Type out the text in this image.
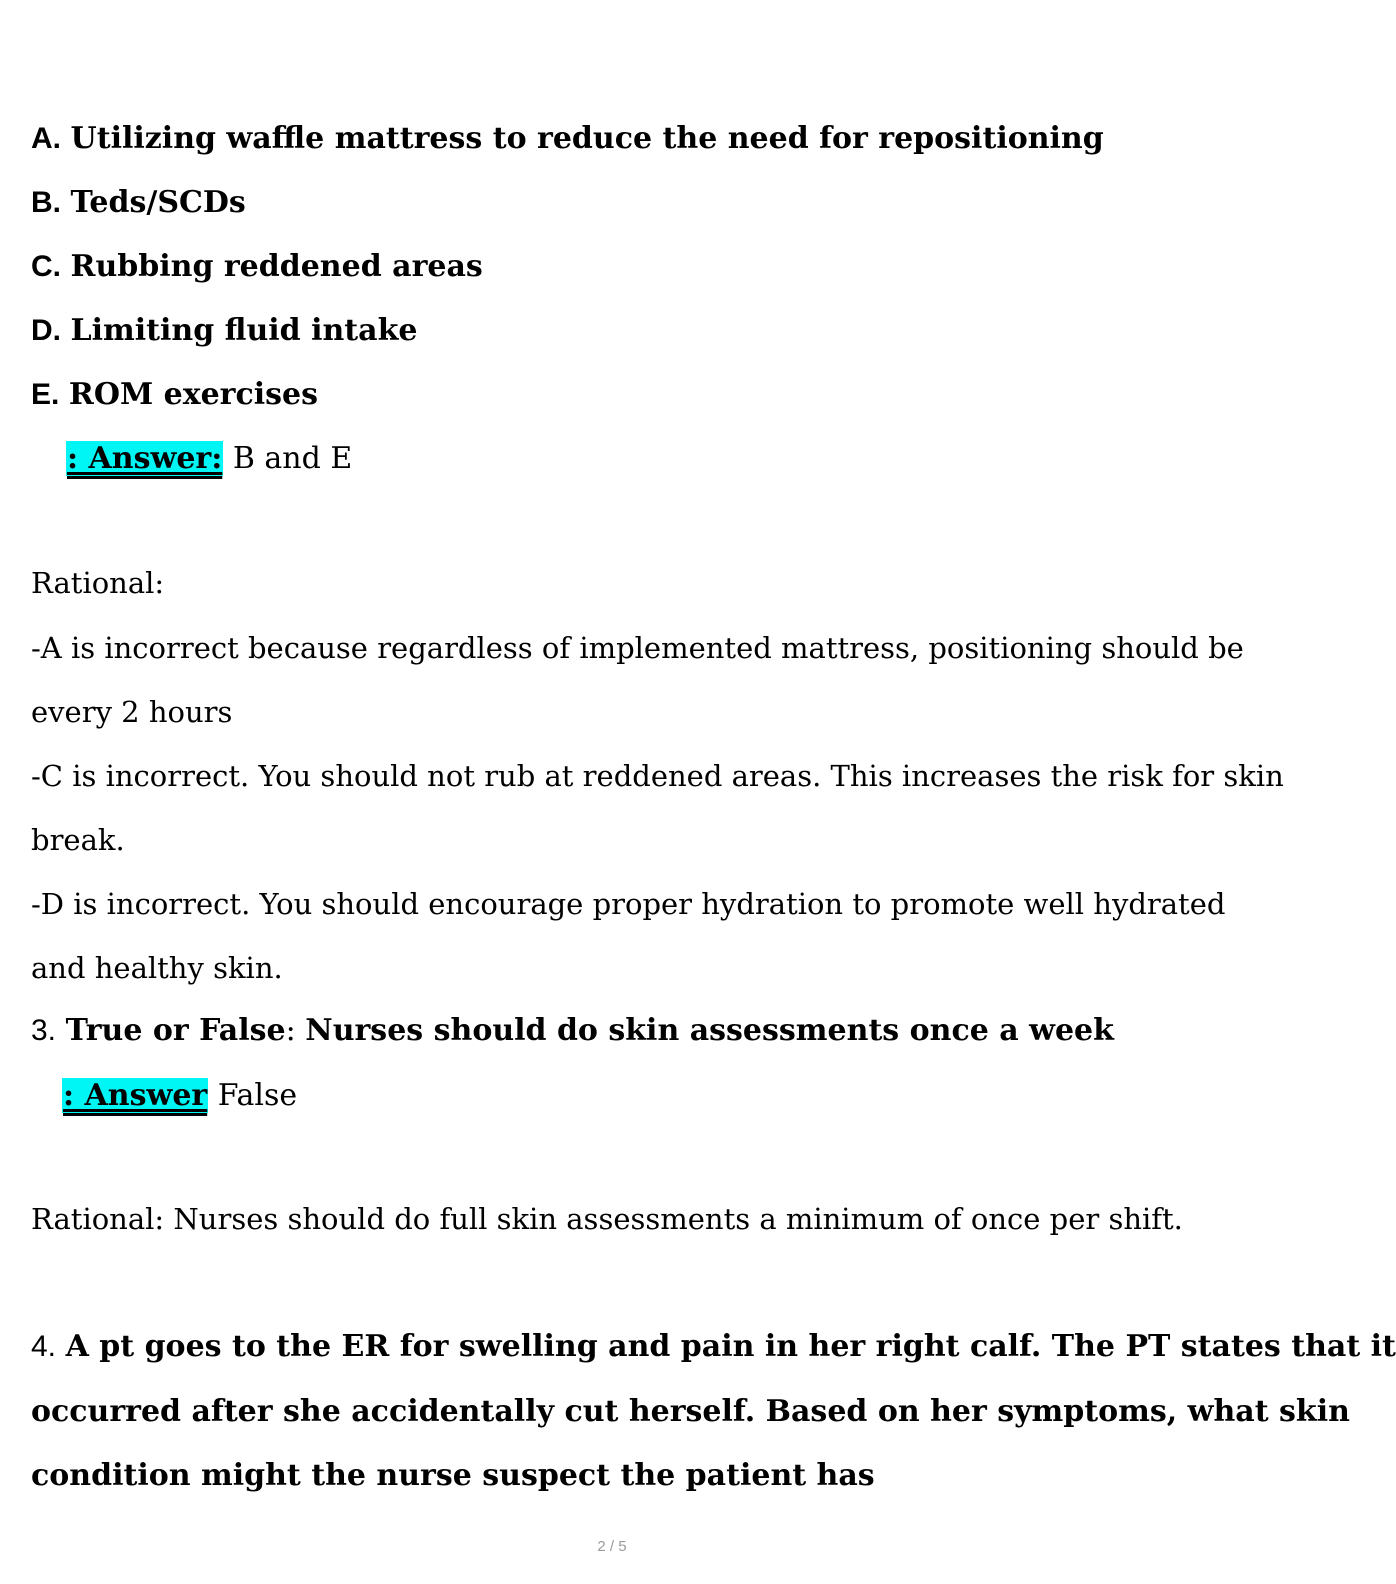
A. Utilizing waffle mattress to reduce the need for repositioning
B. Teds/SCDs
C. Rubbing reddened areas
D. Limiting fluid intake
E. ROM exercises
: Answer: B and E
Rational:
-A is incorrect because regardless of implemented mattress, positioning should be
every 2 hours
-C is incorrect. You should not rub at reddened areas. This increases the risk for skin
break.
-D is incorrect. You should encourage proper hydration to promote well hydrated
and healthy skin.
3. True or False: Nurses should do skin assessments once a week
: Answer False
Rational: Nurses should do full skin assessments a minimum of once per shift.
4. A pt goes to the ER for swelling and pain in her right calf. The PT states that it
occurred after she accidentally cut herself. Based on her symptoms, what skin
condition might the nurse suspect the patient has
2 / 5
